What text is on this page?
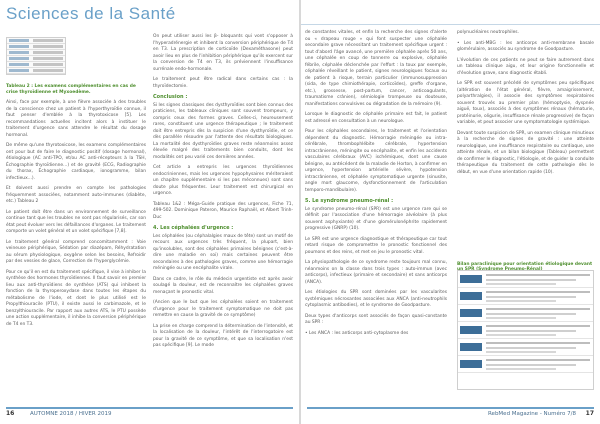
Sciences de la Santé
Tableau 2 : Les examens complémentaires en cas de crise thyroïdienne et Myxoedème.

Ainsi, face par exemple, à une fièvre associée à des troubles de la conscience chez un patient à l'hyperthyroïdie connue, il faut penser d'emblée à la thyrotoxicose [5]. Les recommandations actuelles incitent alors à instituer le traitement d'urgence sans attendre le résultat du dosage hormonal.

De même qu'une thyrotoxicose, les examens complémentaires ont pour but de faire le diagnostic positif (dosage hormonal), étiologique (AC anti-TPO, et/ou AC anti-récepteurs à la TSH, Échographie thyroïdienne...) et de gravité (ECG, Radiographie du thorax, Échographie cardiaque, ionogramme, bilan infectieux...).

Et doivent aussi prendre en compte les pathologies fréquemment associées, notamment auto-immunes (diabète, etc.) Tableau 2

Le patient doit être dans un environnement de surveillance continue tant que les troubles ne sont pas régularisés, car son état peut évoluer vers les défaillances d'organes. Le traitement comporte un volet général et un volet spécifique [7,8].

Le traitement général comprend concomitamment : Voie veineuse périphérique, Sédation par diazépam, Réhydratation au sérum physiologique, oxygène selon les besoins, Refroidir par des vessies de glace, Correction de l'hyperglycémie.

Pour ce qu'il en est du traitement spécifique, il vise à inhiber la synthèse des hormones thyroïdiennes. Il faut savoir en premier lieu aux anti-thyroïdiens de synthèse (ATS) qui inhibent la fonction de la thyroperoxydase dans toutes les étapes du métabolisme de l'iode, et dont le plus utilisé est le Propylthiouracile (PTU), il existe aussi le carbimazole, et le benzylthiouracile. Par rapport aux autres ATS, le PTU possède une action supplémentaire, il inhibe la conversion périphérique de T4 en T3.

On peut utiliser aussi les β- bloquants qui vont s'opposer à l'hyperadrénergie et inhibent la conversion périphérique de T4 en T3. La prescription de corticoïde (Dexaméthasone) peut avoir lieu en plus de l'inhibition périphérique qu'ils exercent sur la conversion de T4 en T3, ils préviennent l'insuffisance surrénale endo-hormonale.

Le traitement peut être radical dans certains cas : la thyroïdectomie.

Conclusion :

Si les signes classiques des dysthyroïdies sont bien connus des praticiens, les tableaux cliniques sont souvent trompeurs, y compris ceux des formes graves. Celles-ci, heureusement rares, constituent une urgence thérapeutique ; le traitement doit être entrepris dès la suspicion d'une dysthyroïdie, et ce dès parallèle résoudre par l'attente des résultats biologiques. La mortalité des dysthyroïdies graves reste néanmoins assez élevée malgré des traitements bien conduits, dont les modalités ont peu varié ces dernières années.

Cet article a entrepris les urgences thyroïdiennes endocriniennes, mais les urgences hypophysaires mériteraient un chapitre supplémentaire si les pas méconnues) sont sans doute plus fréquentes. Leur traitement est chirurgical en urgence.

Tableau 1&2 : Méga-Guide pratique des urgences, Fiche 71, 499-502. Dominique Pateron, Maurice Raphaël, et Albert Trinh-Duc

4. Les céphalées d'urgence :

Les céphalées (ou céphalalgies maux de tête) sont un motif de recours aux urgences très fréquent, la plupart, bien qu'insolubles, sont des céphalées primaires bénignes (c'est-à-dire une maladie en soi) mais certaines peuvent être secondaires à des pathologies graves, comme une hémorragie méningée ou une encéphalite virale.

Dans ce cadre, le rôle du médecin urgentiste est après avoir soulagé la douleur, est de reconnaître les céphalées graves menaçant le pronostic vital.

(Ancien que le but que les céphalées soient en traitement d'urgence pour le traitement symptomatique ne doit pas remettre en cause la gravité de ce symptôme)

La prise en charge comprend la détermination de l'intensité, et la localisation de la douleur, l'intérêt de l'interrogatoire est pour la gravité de ce symptôme, et que sa localisation n'est pas spécifique [9]. Le mode

16	AUTOMNE 2018 / HIVER 2019

de constantes vitales, et enfin la recherche des signes d'alerte ou « drapeau rouge » qui font suspecter une céphalée secondaire grave nécessitant un traitement spécifique urgent : tout d'abord l'âge avancé, une première céphalée après 50 ans, une céphalée en coup de tonnerre ou explosive, céphalée fébrile, céphalée déclenchée par l'effort : la toux par exemple, céphalée réveillant le patient, signes neurologiques focaux ou de patient à risque, terrain particulier (immunosuppression (sida, de type chimiothérapie, corticoïdes), greffe d'organe, etc.), grossesse, post-partum, cancer, anticoagulants, traumatisme crânien), sémiologie trompeuse ou douteuse, manifestations convulsives ou dégradation de la mémoire (9).

Lorsque le diagnostic de céphalée primaire est fait, le patient est adressé en consultation à un neurologue.

Pour les céphalées secondaires, le traitement et l'orientation dépendent du diagnostic. Hémorragie méningée ou intra-cérébrale, thrombophlébite cérébrale, hypertension intracrânienne, méningite ou encéphalite, et enfin les accidents vasculaires cérébraux (AVC) ischémiques, dont une cause bénigne, ou antécédent de la maladie de Horton, à confirmer en urgence, hypertension artérielle sévère, hypotension intracrânienne, et céphalée symptomatique urgente (sinusite, angle mort glaucome, dysfonctionnement de l'articulation temporo-mandibulaire).

5. Le syndrome pneumo-rénal :

Le syndrome pneumo-rénal (SPR) est une urgence rare qui se définit par l'association d'une hémorragie alvéolaire (à plus souvent asphyxiante) et d'une glomérulonéphrite rapidement progressive (GNRP) (10).

Le SPR est une urgence diagnostique et thérapeutique car tout retard risque de compromettre le pronostic fonctionnel des poumons et des reins, et met en jeu le pronostic vital.

La physiopathologie de ce syndrome reste toujours mal connu, néanmoins on la classe dans trois types : auto-immun (avec anticorps), infectieux (primaire et secondaire) et sans anticorps (ANCA).

Les étiologies du SPR sont dominées par les vascularites systémiques nécrosantes associées aux ANCA (anti-neutrophils cytoplasmic antibodies), et le syndrome de Goodpasture.

Deux types d'anticorps sont associés de façon quasi-constante au SPR :

• Les ANCA : les anticorps anti-cytoplasme des

polynucléaires neutrophiles.

• Les anti-MBG : les anticorps anti-membrane basale glomérulaire, associés au syndrome de Goodpasture.

L'évolution de ces patients ne peut se faire autrement dans un tableau clinique aigu, et leur origine fonctionnelle et d'évolution grave, sans diagnostic établi.

Le SPR est souvent précédé de symptômes peu spécifiques (altération de l'état général, fièvre, amaigrissement, polyarthralgies), il associe des symptômes respiratoires souvent trouvés au premier plan (hémoptysie, dyspnée aiguë, toux), associés à des symptômes rénaux (hématurie, protéinurie, oligurie, insuffisance rénale progressive) de façon variable, et peut associer une symptomatologie systémique.

Devant toute suspicion de SPR, un examen clinique minutieux à la recherche de signes de gravité : une atteinte neurologique, une insuffisance respiratoire ou cardiaque, une atteinte rénale, et un bilan biologique (Tableau) permettent de confirmer le diagnostic, l'étiologie, et de guider la conduite thérapeutique du traitement de cette pathologie dès le début, en vue d'une orientation rapide (10).

Bilan paraclinique pour orientation étiologique devant
RebMed Magazine - Numéro 7/8 17
